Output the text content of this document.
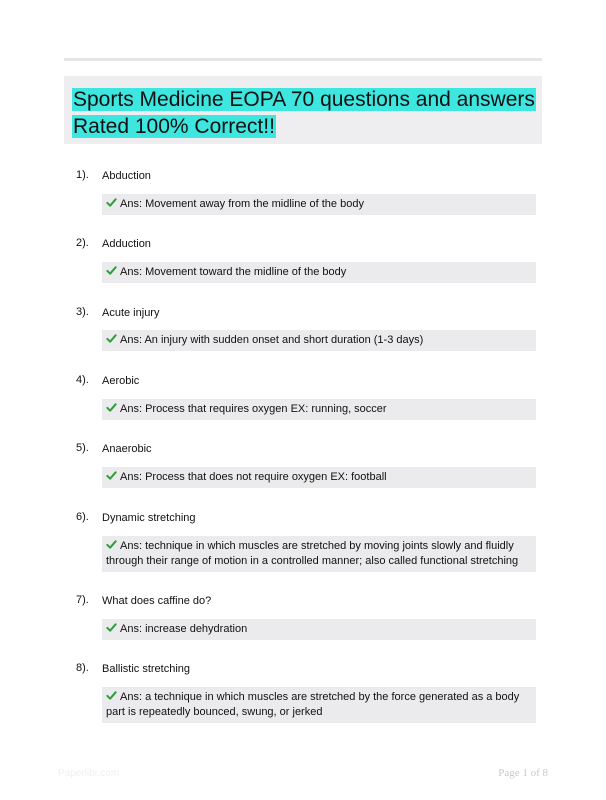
Sports Medicine EOPA 70 questions and answers Rated 100% Correct!!
1). Abduction
Ans: Movement away from the midline of the body
2). Adduction
Ans: Movement toward the midline of the body
3). Acute injury
Ans: An injury with sudden onset and short duration (1-3 days)
4). Aerobic
Ans: Process that requires oxygen EX: running, soccer
5). Anaerobic
Ans: Process that does not require oxygen EX: football
6). Dynamic stretching
Ans: technique in which muscles are stretched by moving joints slowly and fluidly through their range of motion in a controlled manner; also called functional stretching
7). What does caffine do?
Ans: increase dehydration
8). Ballistic stretching
Ans: a technique in which muscles are stretched by the force generated as a body part is repeatedly bounced, swung, or jerked
Paperlibr.com	Page 1 of 8
